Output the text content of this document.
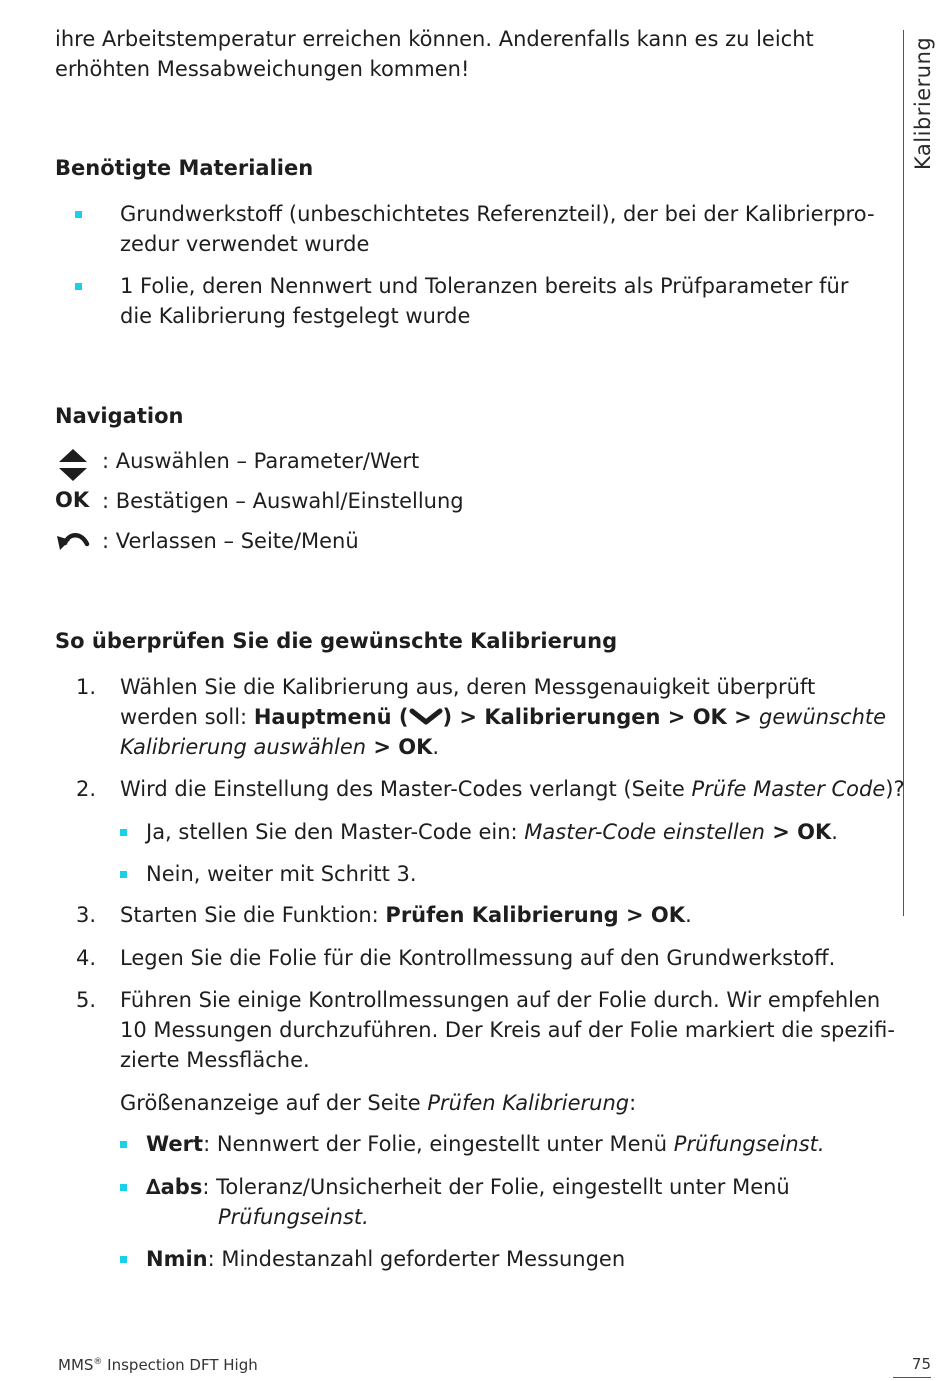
Kalibrierung
ihre Arbeitstemperatur erreichen können. Anderenfalls kann es zu leicht
erhöhten Messabweichungen kommen!
Benötigte Materialien
Grundwerkstoff (unbeschichtetes Referenzteil), der bei der Kalibrierpro-
zedur verwendet wurde
1 Folie, deren Nennwert und Toleranzen bereits als Prüfparameter für
die Kalibrierung festgelegt wurde
Navigation
: Auswählen – Parameter/Wert
OK : Bestätigen – Auswahl/Einstellung
: Verlassen – Seite/Menü
So überprüfen Sie die gewünschte Kalibrierung
1. Wählen Sie die Kalibrierung aus, deren Messgenauigkeit überprüft
werden soll: Hauptmenü ( ) > Kalibrierungen > OK > gewünschte
Kalibrierung auswählen > OK.
2. Wird die Einstellung des Master-Codes verlangt (Seite Prüfe Master Code)?
Ja, stellen Sie den Master-Code ein: Master-Code einstellen > OK.
Nein, weiter mit Schritt 3.
3. Starten Sie die Funktion: Prüfen Kalibrierung > OK.
4. Legen Sie die Folie für die Kontrollmessung auf den Grundwerkstoff.
5. Führen Sie einige Kontrollmessungen auf der Folie durch. Wir empfehlen
10 Messungen durchzuführen. Der Kreis auf der Folie markiert die spezifi-
zierte Messfläche.
Größenanzeige auf der Seite Prüfen Kalibrierung:
Wert: Nennwert der Folie, eingestellt unter Menü Prüfungseinst.
∆abs: Toleranz/Unsicherheit der Folie, eingestellt unter Menü
Prüfungseinst.
Nmin: Mindestanzahl geforderter Messungen
MMS® Inspection DFT High	75
